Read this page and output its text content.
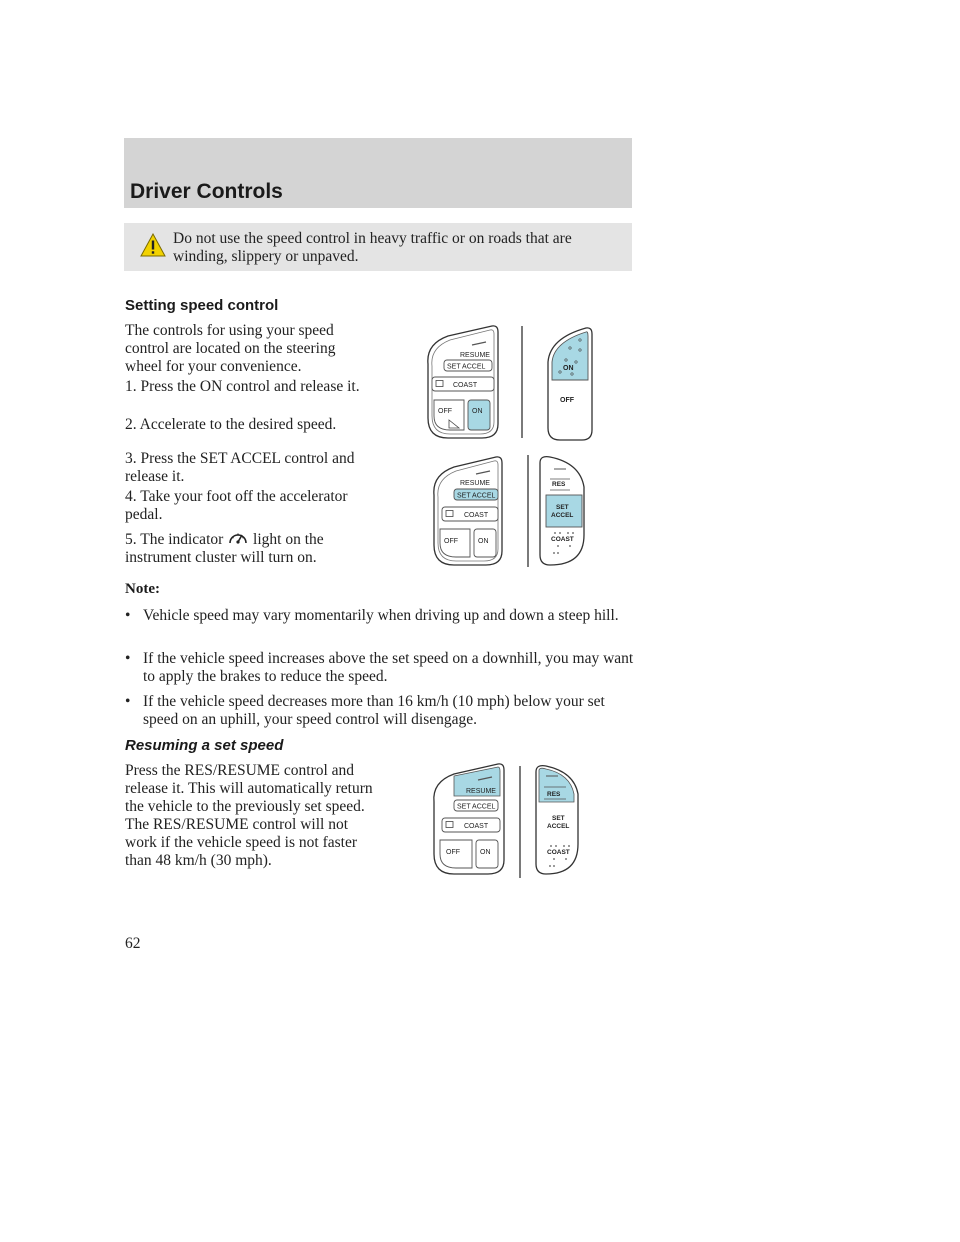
Driver Controls
Do not use the speed control in heavy traffic or on roads that are winding, slippery or unpaved.
Setting speed control

The controls for using your speed control are located on the steering wheel for your convenience.

1. Press the ON control and release it.

2. Accelerate to the desired speed.

3. Press the SET ACCEL control and release it.

4. Take your foot off the accelerator pedal.

5. The indicator light on the instrument cluster will turn on.

Note:
• Vehicle speed may vary momentarily when driving up and down a steep hill.
• If the vehicle speed increases above the set speed on a downhill, you may want to apply the brakes to reduce the speed.
• If the vehicle speed decreases more than 16 km/h (10 mph) below your set speed on an uphill, your speed control will disengage.
Resuming a set speed

Press the RES/RESUME control and release it. This will automatically return the vehicle to the previously set speed. The RES/RESUME control will not work if the vehicle speed is not faster than 48 km/h (30 mph).

62
RESUME
SET ACCEL
COAST
OFF	ON
ON
OFF
RESUME
SET ACCEL
COAST
OFF	ON
RES
SET
ACCEL
COAST
RESUME
SET ACCEL
COAST
OFF	ON
RES
SET
ACCEL
COAST
